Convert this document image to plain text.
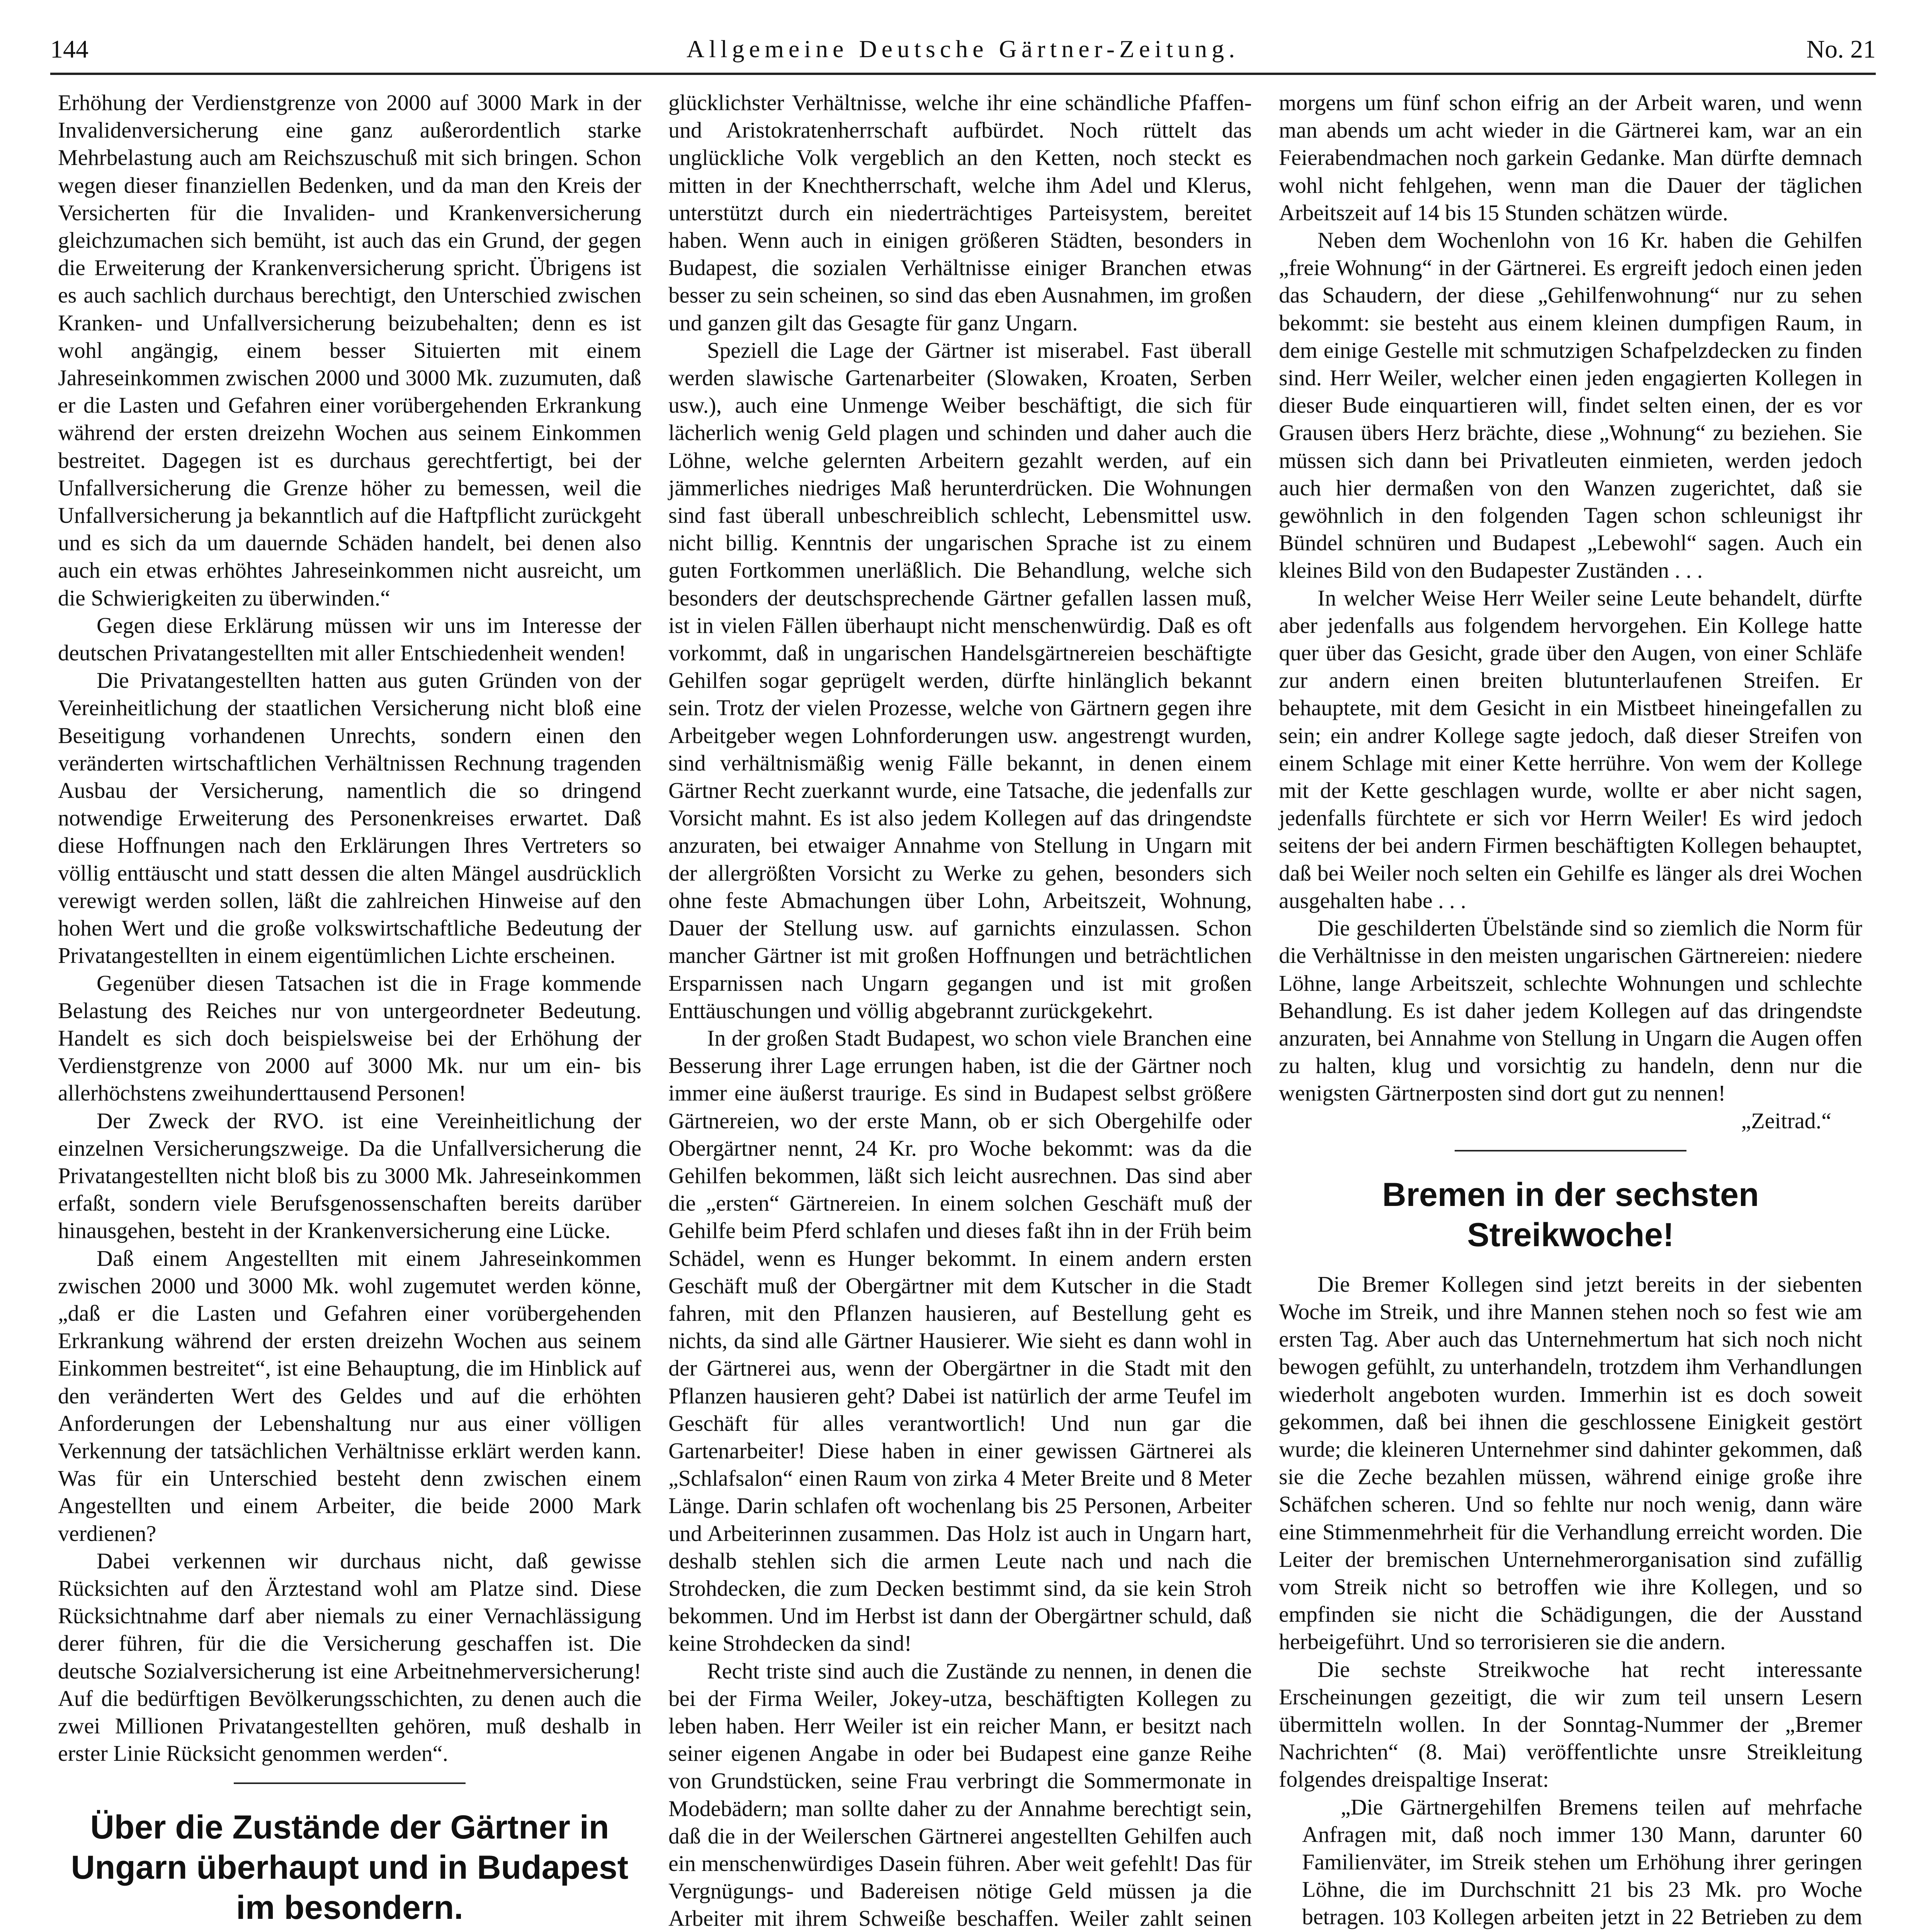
144	Allgemeine Deutsche Gärtner-Zeitung.	No. 21

Erhöhung der Verdienstgrenze von 2000 auf 3000 Mark in der Invalidenversicherung eine ganz außerordentlich starke Mehrbelastung auch am Reichszuschuß mit sich bringen. Schon wegen dieser finanziellen Bedenken, und da man den Kreis der Versicherten für die Invaliden- und Krankenversicherung gleichzumachen sich bemüht, ist auch das ein Grund, der gegen die Erweiterung der Krankenversicherung spricht. Übrigens ist es auch sachlich durchaus berechtigt, den Unterschied zwischen Kranken- und Unfallversicherung beizubehalten; denn es ist wohl angängig, einem besser Situierten mit einem Jahreseinkommen zwischen 2000 und 3000 Mk. zuzumuten, daß er die Lasten und Gefahren einer vorübergehenden Erkrankung während der ersten dreizehn Wochen aus seinem Einkommen bestreitet. Dagegen ist es durchaus gerechtfertigt, bei der Unfallversicherung die Grenze höher zu bemessen, weil die Unfallversicherung ja bekanntlich auf die Haftpflicht zurückgeht und es sich da um dauernde Schäden handelt, bei denen also auch ein etwas erhöhtes Jahreseinkommen nicht ausreicht, um die Schwierigkeiten zu überwinden.“

Gegen diese Erklärung müssen wir uns im Interesse der deutschen Privatangestellten mit aller Entschiedenheit wenden!

Die Privatangestellten hatten aus guten Gründen von der Vereinheitlichung der staatlichen Versicherung nicht bloß eine Beseitigung vorhandenen Unrechts, sondern einen den veränderten wirtschaftlichen Verhältnissen Rechnung tragenden Ausbau der Versicherung, namentlich die so dringend notwendige Erweiterung des Personenkreises erwartet. Daß diese Hoffnungen nach den Erklärungen Ihres Vertreters so völlig enttäuscht und statt dessen die alten Mängel ausdrücklich verewigt werden sollen, läßt die zahlreichen Hinweise auf den hohen Wert und die große volkswirtschaftliche Bedeutung der Privatangestellten in einem eigentümlichen Lichte erscheinen.

Gegenüber diesen Tatsachen ist die in Frage kommende Belastung des Reiches nur von untergeordneter Bedeutung. Handelt es sich doch beispielsweise bei der Erhöhung der Verdienstgrenze von 2000 auf 3000 Mk. nur um ein- bis allerhöchstens zweihunderttausend Personen!

Der Zweck der RVO. ist eine Vereinheitlichung der einzelnen Versicherungszweige. Da die Unfallversicherung die Privatangestellten nicht bloß bis zu 3000 Mk. Jahreseinkommen erfaßt, sondern viele Berufsgenossenschaften bereits darüber hinausgehen, besteht in der Krankenversicherung eine Lücke.

Daß einem Angestellten mit einem Jahreseinkommen zwischen 2000 und 3000 Mk. wohl zugemutet werden könne, „daß er die Lasten und Gefahren einer vorübergehenden Erkrankung während der ersten dreizehn Wochen aus seinem Einkommen bestreitet“, ist eine Behauptung, die im Hinblick auf den veränderten Wert des Geldes und auf die erhöhten Anforderungen der Lebenshaltung nur aus einer völligen Verkennung der tatsächlichen Verhältnisse erklärt werden kann. Was für ein Unterschied besteht denn zwischen einem Angestellten und einem Arbeiter, die beide 2000 Mark verdienen?

Dabei verkennen wir durchaus nicht, daß gewisse Rücksichten auf den Ärztestand wohl am Platze sind. Diese Rücksichtnahme darf aber niemals zu einer Vernachlässigung derer führen, für die die Versicherung geschaffen ist. Die deutsche Sozialversicherung ist eine Arbeitnehmerversicherung! Auf die bedürftigen Bevölkerungsschichten, zu denen auch die zwei Millionen Privatangestellten gehören, muß deshalb in erster Linie Rücksicht genommen werden“.

Über die Zustände der Gärtner in Ungarn überhaupt und in Budapest im besondern.

glücklichster Verhältnisse, welche ihr eine schändliche Pfaffen- und Aristokratenherrschaft aufbürdet. Noch rüttelt das unglückliche Volk vergeblich an den Ketten, noch steckt es mitten in der Knechtherrschaft, welche ihm Adel und Klerus, unterstützt durch ein niederträchtiges Parteisystem, bereitet haben. Wenn auch in einigen größeren Städten, besonders in Budapest, die sozialen Verhältnisse einiger Branchen etwas besser zu sein scheinen, so sind das eben Ausnahmen, im großen und ganzen gilt das Gesagte für ganz Ungarn.

Speziell die Lage der Gärtner ist miserabel. Fast überall werden slawische Gartenarbeiter (Slowaken, Kroaten, Serben usw.), auch eine Unmenge Weiber beschäftigt, die sich für lächerlich wenig Geld plagen und schinden und daher auch die Löhne, welche gelernten Arbeitern gezahlt werden, auf ein jämmerliches niedriges Maß herunterdrücken. Die Wohnungen sind fast überall unbeschreiblich schlecht, Lebensmittel usw. nicht billig. Kenntnis der ungarischen Sprache ist zu einem guten Fortkommen unerläßlich. Die Behandlung, welche sich besonders der deutschsprechende Gärtner gefallen lassen muß, ist in vielen Fällen überhaupt nicht menschenwürdig. Daß es oft vorkommt, daß in ungarischen Handelsgärtnereien beschäftigte Gehilfen sogar geprügelt werden, dürfte hinlänglich bekannt sein. Trotz der vielen Prozesse, welche von Gärtnern gegen ihre Arbeitgeber wegen Lohnforderungen usw. angestrengt wurden, sind verhältnismäßig wenig Fälle bekannt, in denen einem Gärtner Recht zuerkannt wurde, eine Tatsache, die jedenfalls zur Vorsicht mahnt. Es ist also jedem Kollegen auf das dringendste anzuraten, bei etwaiger Annahme von Stellung in Ungarn mit der allergrößten Vorsicht zu Werke zu gehen, besonders sich ohne feste Abmachungen über Lohn, Arbeitszeit, Wohnung, Dauer der Stellung usw. auf garnichts einzulassen. Schon mancher Gärtner ist mit großen Hoffnungen und beträchtlichen Ersparnissen nach Ungarn gegangen und ist mit großen Enttäuschungen und völlig abgebrannt zurückgekehrt.

In der großen Stadt Budapest, wo schon viele Branchen eine Besserung ihrer Lage errungen haben, ist die der Gärtner noch immer eine äußerst traurige. Es sind in Budapest selbst größere Gärtnereien, wo der erste Mann, ob er sich Obergehilfe oder Obergärtner nennt, 24 Kr. pro Woche bekommt: was da die Gehilfen bekommen, läßt sich leicht ausrechnen. Das sind aber die „ersten“ Gärtnereien. In einem solchen Geschäft muß der Gehilfe beim Pferd schlafen und dieses faßt ihn in der Früh beim Schädel, wenn es Hunger bekommt. In einem andern ersten Geschäft muß der Obergärtner mit dem Kutscher in die Stadt fahren, mit den Pflanzen hausieren, auf Bestellung geht es nichts, da sind alle Gärtner Hausierer. Wie sieht es dann wohl in der Gärtnerei aus, wenn der Obergärtner in die Stadt mit den Pflanzen hausieren geht? Dabei ist natürlich der arme Teufel im Geschäft für alles verantwortlich! Und nun gar die Gartenarbeiter! Diese haben in einer gewissen Gärtnerei als „Schlafsalon“ einen Raum von zirka 4 Meter Breite und 8 Meter Länge. Darin schlafen oft wochenlang bis 25 Personen, Arbeiter und Arbeiterinnen zusammen. Das Holz ist auch in Ungarn hart, deshalb stehlen sich die armen Leute nach und nach die Strohdecken, die zum Decken bestimmt sind, da sie kein Stroh bekommen. Und im Herbst ist dann der Obergärtner schuld, daß keine Strohdecken da sind!

Recht triste sind auch die Zustände zu nennen, in denen die bei der Firma Weiler, Jokey-utza, beschäftigten Kollegen zu leben haben. Herr Weiler ist ein reicher Mann, er besitzt nach seiner eigenen Angabe in oder bei Budapest eine ganze Reihe von Grundstücken, seine Frau verbringt die Sommermonate in Modebädern; man sollte daher zu der Annahme berechtigt sein, daß die in der Weilerschen Gärtnerei angestellten Gehilfen auch ein menschenwürdiges Dasein führen. Aber weit gefehlt! Das für Vergnügungs- und Badereisen nötige Geld müssen ja die Arbeiter mit ihrem Schweiße beschaffen. Weiler zahlt seinen

morgens um fünf schon eifrig an der Arbeit waren, und wenn man abends um acht wieder in die Gärtnerei kam, war an ein Feierabendmachen noch garkein Gedanke. Man dürfte demnach wohl nicht fehlgehen, wenn man die Dauer der täglichen Arbeitszeit auf 14 bis 15 Stunden schätzen würde.

Neben dem Wochenlohn von 16 Kr. haben die Gehilfen „freie Wohnung“ in der Gärtnerei. Es ergreift jedoch einen jeden das Schaudern, der diese „Gehilfenwohnung“ nur zu sehen bekommt: sie besteht aus einem kleinen dumpfigen Raum, in dem einige Gestelle mit schmutzigen Schafpelzdecken zu finden sind. Herr Weiler, welcher einen jeden engagierten Kollegen in dieser Bude einquartieren will, findet selten einen, der es vor Grausen übers Herz brächte, diese „Wohnung“ zu beziehen. Sie müssen sich dann bei Privatleuten einmieten, werden jedoch auch hier dermaßen von den Wanzen zugerichtet, daß sie gewöhnlich in den folgenden Tagen schon schleunigst ihr Bündel schnüren und Budapest „Lebewohl“ sagen. Auch ein kleines Bild von den Budapester Zuständen . . .

In welcher Weise Herr Weiler seine Leute behandelt, dürfte aber jedenfalls aus folgendem hervorgehen. Ein Kollege hatte quer über das Gesicht, grade über den Augen, von einer Schläfe zur andern einen breiten blutunterlaufenen Streifen. Er behauptete, mit dem Gesicht in ein Mistbeet hineingefallen zu sein; ein andrer Kollege sagte jedoch, daß dieser Streifen von einem Schlage mit einer Kette herrühre. Von wem der Kollege mit der Kette geschlagen wurde, wollte er aber nicht sagen, jedenfalls fürchtete er sich vor Herrn Weiler! Es wird jedoch seitens der bei andern Firmen beschäftigten Kollegen behauptet, daß bei Weiler noch selten ein Gehilfe es länger als drei Wochen ausgehalten habe . . .

Die geschilderten Übelstände sind so ziemlich die Norm für die Verhältnisse in den meisten ungarischen Gärtnereien: niedere Löhne, lange Arbeitszeit, schlechte Wohnungen und schlechte Behandlung. Es ist daher jedem Kollegen auf das dringendste anzuraten, bei Annahme von Stellung in Ungarn die Augen offen zu halten, klug und vorsichtig zu handeln, denn nur die wenigsten Gärtnerposten sind dort gut zu nennen!

„Zeitrad.“

Bremen in der sechsten Streikwoche!

Die Bremer Kollegen sind jetzt bereits in der siebenten Woche im Streik, und ihre Mannen stehen noch so fest wie am ersten Tag. Aber auch das Unternehmertum hat sich noch nicht bewogen gefühlt, zu unterhandeln, trotzdem ihm Verhandlungen wiederholt angeboten wurden. Immerhin ist es doch soweit gekommen, daß bei ihnen die geschlossene Einigkeit gestört wurde; die kleineren Unternehmer sind dahinter gekommen, daß sie die Zeche bezahlen müssen, während einige große ihre Schäfchen scheren. Und so fehlte nur noch wenig, dann wäre eine Stimmenmehrheit für die Verhandlung erreicht worden. Die Leiter der bremischen Unternehmerorganisation sind zufällig vom Streik nicht so betroffen wie ihre Kollegen, und so empfinden sie nicht die Schädigungen, die der Ausstand herbeigeführt. Und so terrorisieren sie die andern.

Die sechste Streikwoche hat recht interessante Erscheinungen gezeitigt, die wir zum teil unsern Lesern übermitteln wollen. In der Sonntag-Nummer der „Bremer Nachrichten“ (8. Mai) veröffentlichte unsre Streikleitung folgendes dreispaltige Inserat:

„Die Gärtnergehilfen Bremens teilen auf mehrfache Anfragen mit, daß noch immer 130 Mann, darunter 60 Familienväter, im Streik stehen um Erhöhung ihrer geringen Löhne, die im Durchschnitt 21 bis 23 Mk. pro Woche betragen. 103 Kollegen arbeiten jetzt in 22 Betrieben zu dem
